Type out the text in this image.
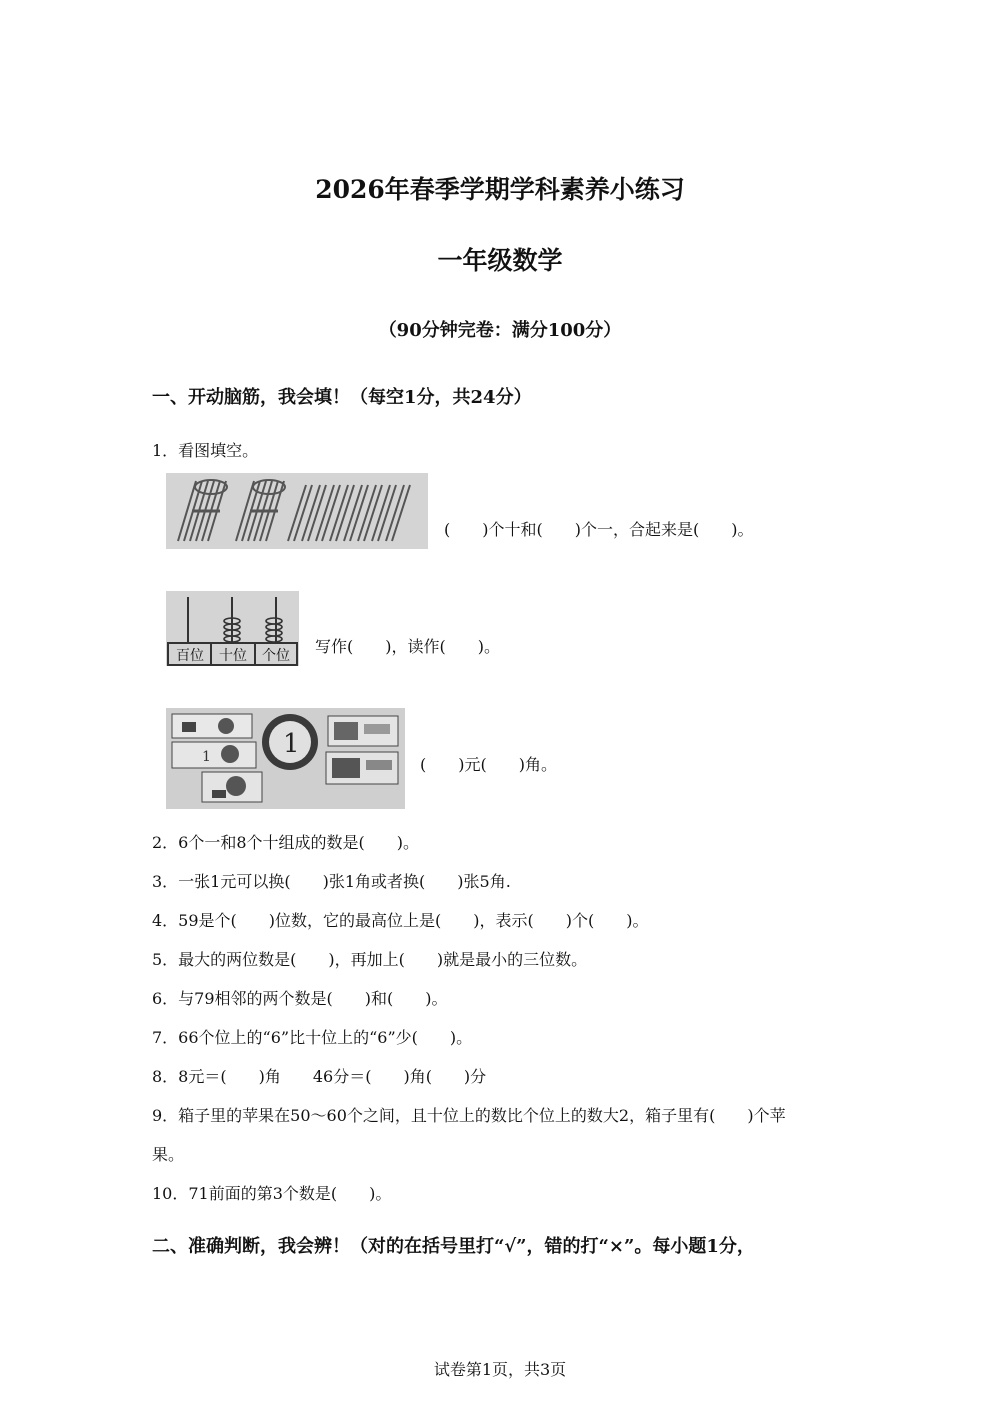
2026年春季学期学科素养小练习
一年级数学
（90分钟完卷：满分100分）
一、开动脑筋，我会填！（每空1分，共24分）
1．看图填空。
(　　)个十和(　　)个一，合起来是(　　)。
百位	十位	个位	写作(　　)，读作(　　)。
1	1
(　　)元(　　)角。
2．6个一和8个十组成的数是(　　)。
3．一张1元可以换(　　)张1角或者换(　　)张5角.
4．59是个(　　)位数，它的最高位上是(　　)，表示(　　)个(　　)。
5．最大的两位数是(　　)，再加上(　　)就是最小的三位数。
6．与79相邻的两个数是(　　)和(　　)。
7．66个位上的“6”比十位上的“6”少(　　)。
8．8元＝(　　)角　　46分＝(　　)角(　　)分
9．箱子里的苹果在50～60个之间，且十位上的数比个位上的数大2，箱子里有(　　)个苹
果。
10．71前面的第3个数是(　　)。
二、准确判断，我会辨！（对的在括号里打“√”，错的打“×”。每小题1分，
试卷第1页，共3页
